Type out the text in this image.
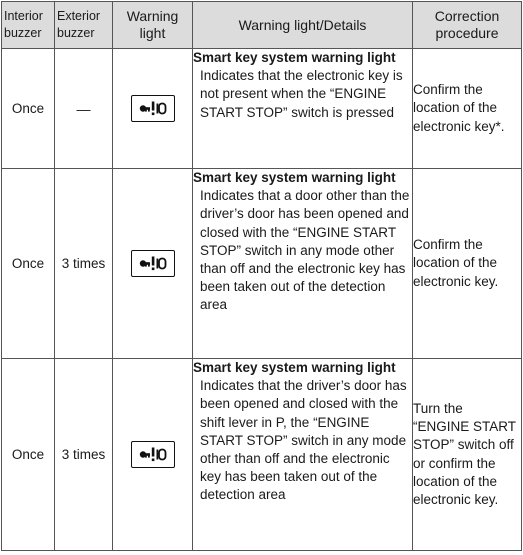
Interior
buzzer	Exterior
buzzer	Warning
light	Warning light/Details	Correction
procedure
Once	—		Smart key system warning light
Indicates that the electronic key is not present when the “ENGINE START STOP” switch is pressed	Confirm the location of the electronic key*.
Once	3 times		Smart key system warning light
Indicates that a door other than the driver’s door has been opened and closed with the “ENGINE START STOP” switch in any mode other than off and the electronic key has been taken out of the detection area	Confirm the location of the electronic key.
Once	3 times		Smart key system warning light
Indicates that the driver’s door has been opened and closed with the shift lever in P, the “ENGINE START STOP” switch in any mode other than off and the electronic key has been taken out of the detection area	Turn the “ENGINE START STOP” switch off or confirm the location of the electronic key.
